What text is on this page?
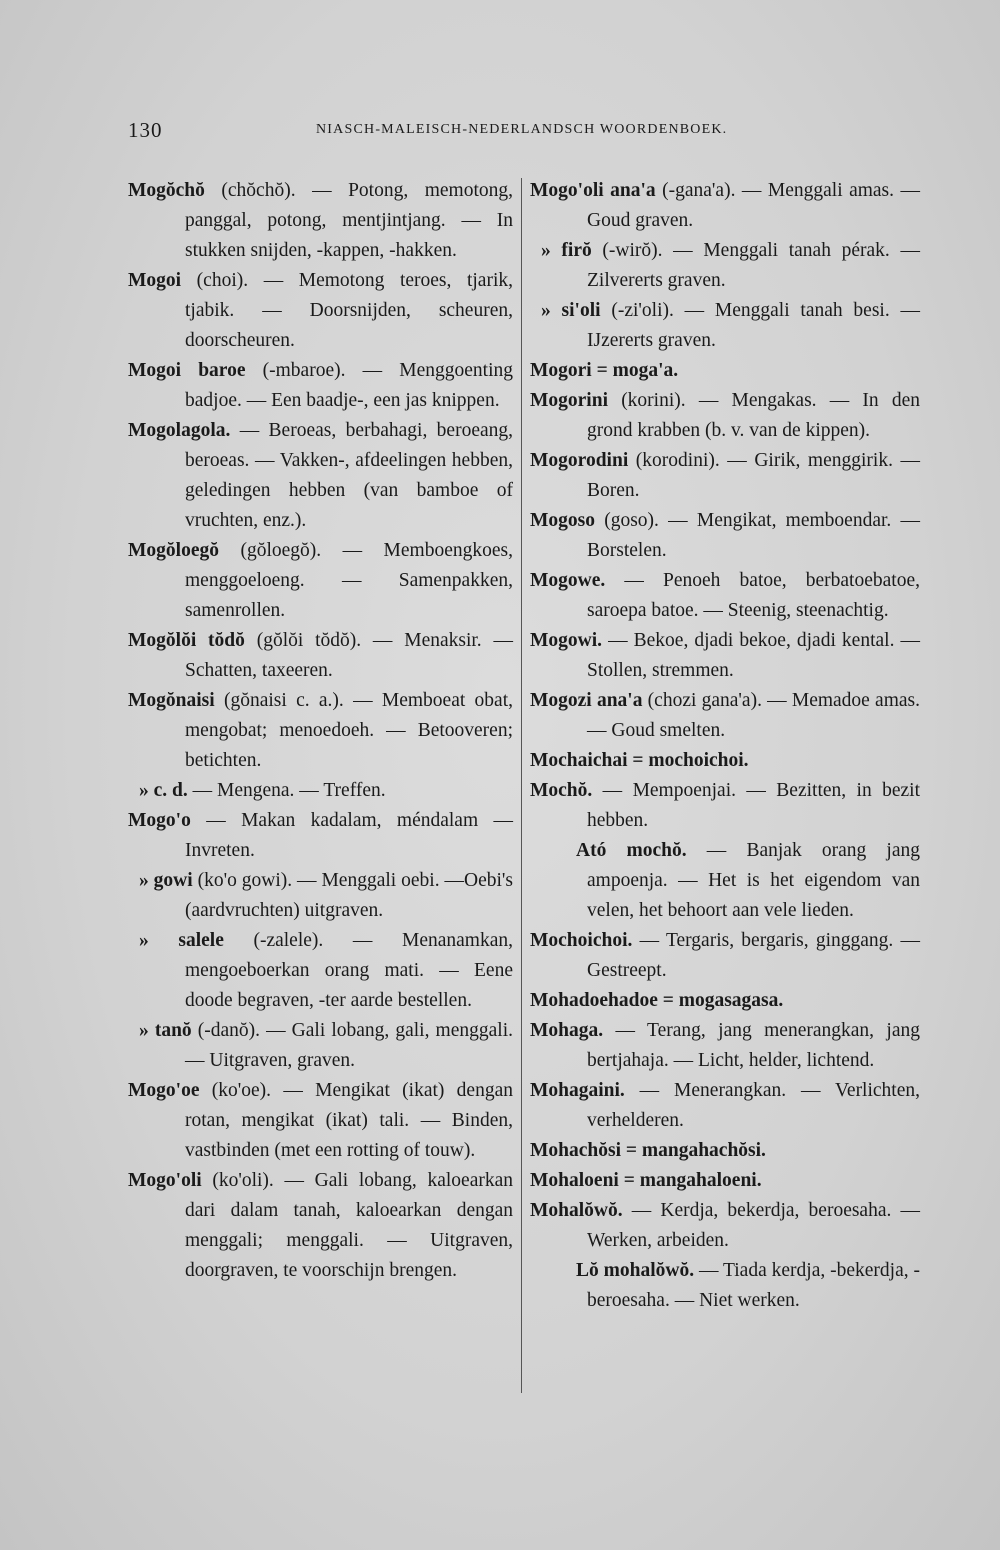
130	NIASCH-MALEISCH-NEDERLANDSCH WOORDENBOEK.
Mogŏchŏ (chŏchŏ). — Potong, memotong, panggal, potong, mentjintjang. — In stukken snijden, -kappen, -hakken.
Mogoi (choi). — Memotong teroes, tjarik, tjabik. — Doorsnijden, scheuren, doorscheuren.
Mogoi baroe (-mbaroe). — Menggoenting badjoe. — Een baadje-, een jas knippen.
Mogolagola. — Beroeas, berbahagi, beroeang, beroeas. — Vakken-, afdeelingen hebben, geledingen hebben (van bamboe of vruchten, enz.).
Mogŏloegŏ (gŏloegŏ). — Memboengkoes, menggoeloeng. — Samenpakken, samenrollen.
Mogŏlŏi tŏdŏ (gŏlŏi tŏdŏ). — Menaksir. — Schatten, taxeeren.
Mogŏnaisi (gŏnaisi c. a.). — Memboeat obat, mengobat; menoedoeh. — Betooveren; betichten.
» c. d. — Mengena. — Treffen.
Mogo'o — Makan kadalam, méndalam — Invreten.
» gowi (ko'o gowi). — Menggali oebi. —Oebi's (aardvruchten) uitgraven.
» salele (-zalele). — Menanamkan, mengoeboerkan orang mati. — Eene doode begraven, -ter aarde bestellen.
» tanŏ (-danŏ). — Gali lobang, gali, menggali. — Uitgraven, graven.
Mogo'oe (ko'oe). — Mengikat (ikat) dengan rotan, mengikat (ikat) tali. — Binden, vastbinden (met een rotting of touw).
Mogo'oli (ko'oli). — Gali lobang, kaloearkan dari dalam tanah, kaloearkan dengan menggali; menggali. — Uitgraven, doorgraven, te voorschijn brengen.
Mogo'oli ana'a (-gana'a). — Menggali amas. — Goud graven.
» firŏ (-wirŏ). — Menggali tanah pérak. — Zilvererts graven.
» si'oli (-zi'oli). — Menggali tanah besi. — IJzererts graven.
Mogori = moga'a.
Mogorini (korini). — Mengakas. — In den grond krabben (b. v. van de kippen).
Mogorodini (korodini). — Girik, menggirik. — Boren.
Mogoso (goso). — Mengikat, memboendar. — Borstelen.
Mogowe. — Penoeh batoe, berbatoebatoe, saroepa batoe. — Steenig, steenachtig.
Mogowi. — Bekoe, djadi bekoe, djadi kental. — Stollen, stremmen.
Mogozi ana'a (chozi gana'a). — Memadoe amas. — Goud smelten.
Mochaichai = mochoichoi.
Mochŏ. — Mempoenjai. — Bezitten, in bezit hebben.
Ató mochŏ. — Banjak orang jang ampoenja. — Het is het eigendom van velen, het behoort aan vele lieden.
Mochoichoi. — Tergaris, bergaris, ginggang. — Gestreept.
Mohadoehadoe = mogasagasa.
Mohaga. — Terang, jang menerangkan, jang bertjahaja. — Licht, helder, lichtend.
Mohagaini. — Menerangkan. — Verlichten, verhelderen.
Mohachŏsi = mangahachŏsi.
Mohaloeni = mangahaloeni.
Mohalŏwŏ. — Kerdja, bekerdja, beroesaha. — Werken, arbeiden.
Lŏ mohalŏwŏ. — Tiada kerdja, -bekerdja, -beroesaha. — Niet werken.
